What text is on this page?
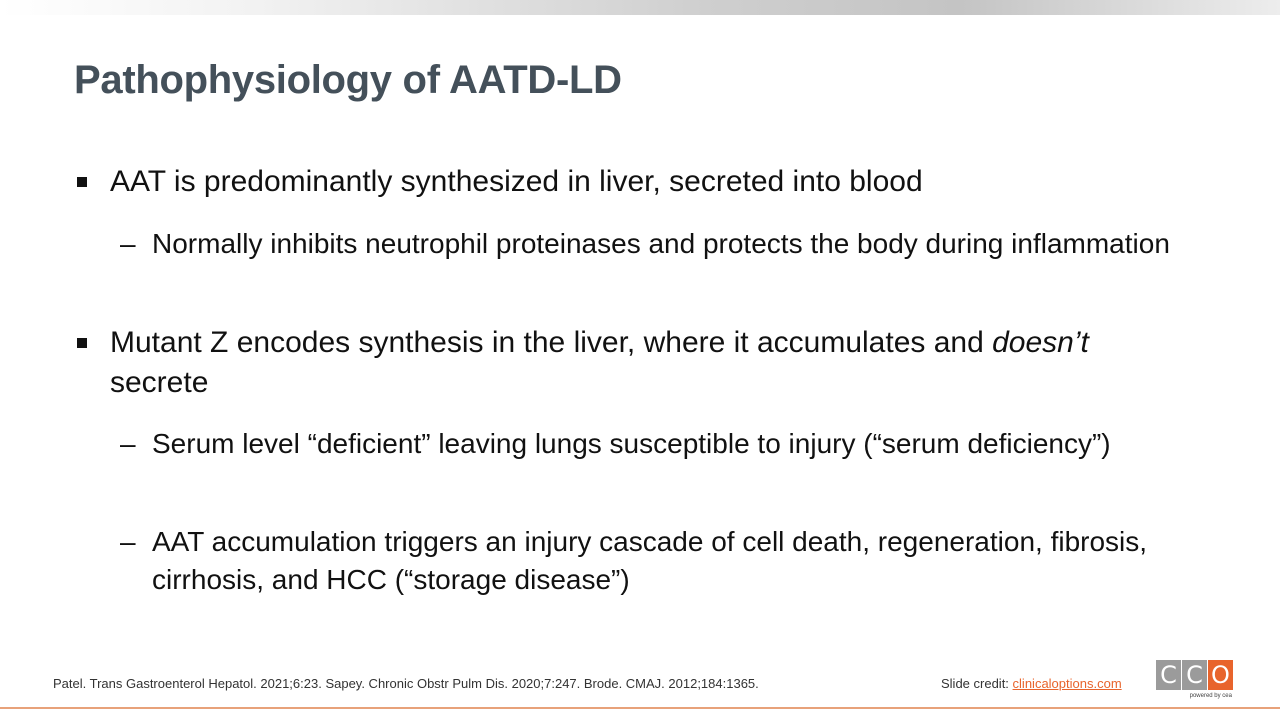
Pathophysiology of AATD-LD
AAT is predominantly synthesized in liver, secreted into blood
– Normally inhibits neutrophil proteinases and protects the body during inflammation
Mutant Z encodes synthesis in the liver, where it accumulates and doesn’t secrete
– Serum level “deficient” leaving lungs susceptible to injury (“serum deficiency”)
– AAT accumulation triggers an injury cascade of cell death, regeneration, fibrosis, cirrhosis, and HCC (“storage disease”)
Patel. Trans Gastroenterol Hepatol. 2021;6:23. Sapey. Chronic Obstr Pulm Dis. 2020;7:247. Brode. CMAJ. 2012;184:1365.	Slide credit: clinicaloptions.com C C O
powered by cea
